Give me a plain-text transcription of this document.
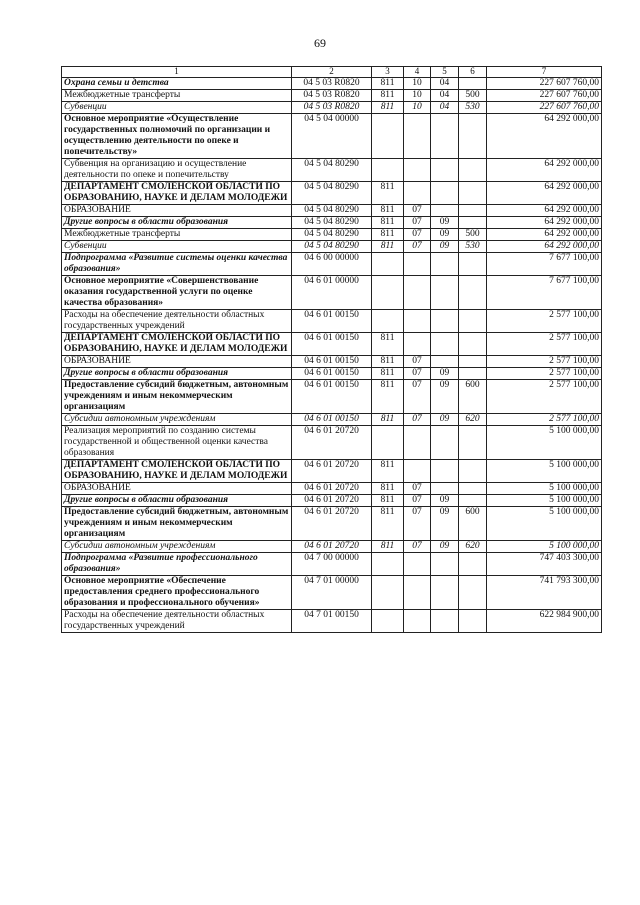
69
1	2	3	4	5	6	7
Охрана семьи и детства	04 5 03 R0820	811	10	04		227 607 760,00
Межбюджетные трансферты	04 5 03 R0820	811	10	04	500	227 607 760,00
Субвенции	04 5 03 R0820	811	10	04	530	227 607 760,00
Основное мероприятие «Осуществление государственных полномочий по организации и осуществлению деятельности по опеке и попечительству»	04 5 04 00000					64 292 000,00
Субвенция на организацию и осуществление деятельности по опеке и попечительству	04 5 04 80290					64 292 000,00
ДЕПАРТАМЕНТ СМОЛЕНСКОЙ ОБЛАСТИ ПО ОБРАЗОВАНИЮ, НАУКЕ И ДЕЛАМ МОЛОДЕЖИ	04 5 04 80290	811				64 292 000,00
ОБРАЗОВАНИЕ	04 5 04 80290	811	07			64 292 000,00
Другие вопросы в области образования	04 5 04 80290	811	07	09		64 292 000,00
Межбюджетные трансферты	04 5 04 80290	811	07	09	500	64 292 000,00
Субвенции	04 5 04 80290	811	07	09	530	64 292 000,00
Подпрограмма «Развитие системы оценки качества образования»	04 6 00 00000					7 677 100,00
Основное мероприятие «Совершенствование оказания государственной услуги по оценке качества образования»	04 6 01 00000					7 677 100,00
Расходы на обеспечение деятельности областных государственных учреждений	04 6 01 00150					2 577 100,00
ДЕПАРТАМЕНТ СМОЛЕНСКОЙ ОБЛАСТИ ПО ОБРАЗОВАНИЮ, НАУКЕ И ДЕЛАМ МОЛОДЕЖИ	04 6 01 00150	811				2 577 100,00
ОБРАЗОВАНИЕ	04 6 01 00150	811	07			2 577 100,00
Другие вопросы в области образования	04 6 01 00150	811	07	09		2 577 100,00
Предоставление субсидий бюджетным, автономным учреждениям и иным некоммерческим организациям	04 6 01 00150	811	07	09	600	2 577 100,00
Субсидии автономным учреждениям	04 6 01 00150	811	07	09	620	2 577 100,00
Реализация мероприятий по созданию системы государственной и общественной оценки качества образования	04 6 01 20720					5 100 000,00
ДЕПАРТАМЕНТ СМОЛЕНСКОЙ ОБЛАСТИ ПО ОБРАЗОВАНИЮ, НАУКЕ И ДЕЛАМ МОЛОДЕЖИ	04 6 01 20720	811				5 100 000,00
ОБРАЗОВАНИЕ	04 6 01 20720	811	07			5 100 000,00
Другие вопросы в области образования	04 6 01 20720	811	07	09		5 100 000,00
Предоставление субсидий бюджетным, автономным учреждениям и иным некоммерческим организациям	04 6 01 20720	811	07	09	600	5 100 000,00
Субсидии автономным учреждениям	04 6 01 20720	811	07	09	620	5 100 000,00
Подпрограмма «Развитие профессионального образования»	04 7 00 00000					747 403 300,00
Основное мероприятие «Обеспечение предоставления среднего профессионального образования и профессионального обучения»	04 7 01 00000					741 793 300,00
Расходы на обеспечение деятельности областных государственных учреждений	04 7 01 00150					622 984 900,00
